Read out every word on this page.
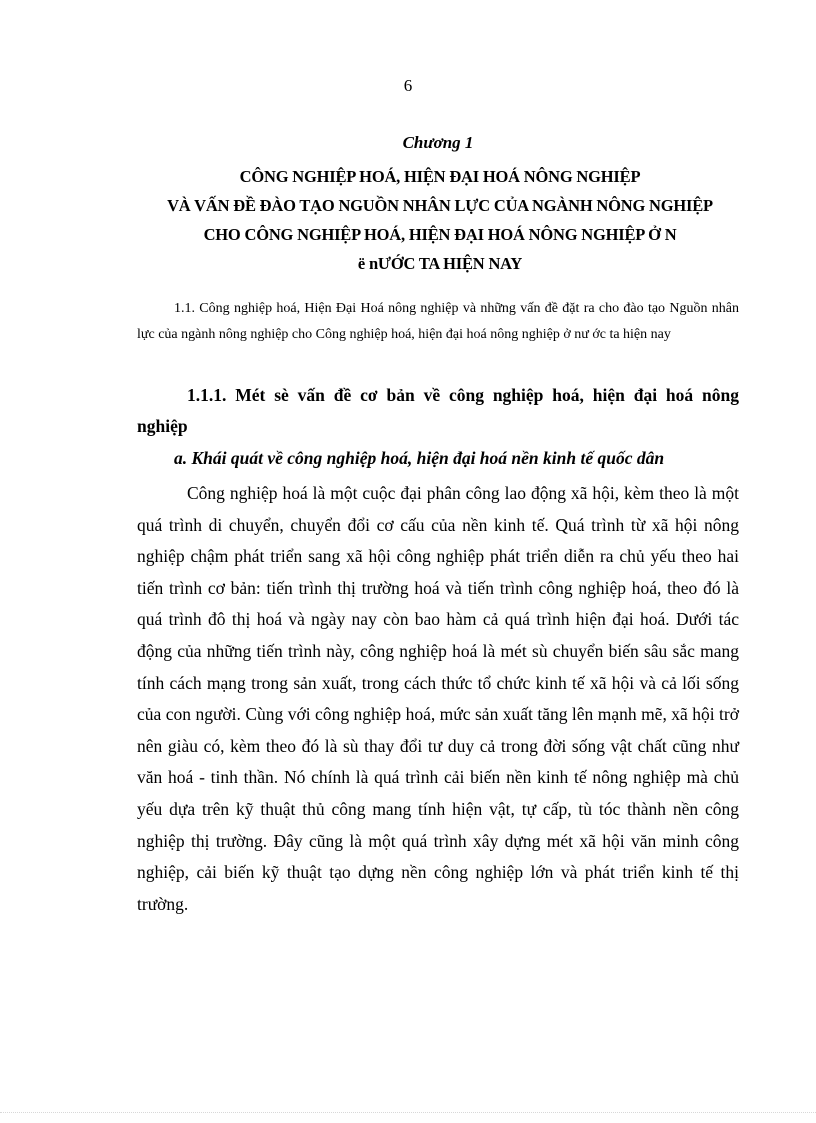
6
Chương 1
CÔNG NGHIỆP HOÁ, HIỆN ĐẠI HOÁ NÔNG NGHIỆP
VÀ VẤN ĐỀ ĐÀO TẠO NGUỒN NHÂN LỰC CỦA NGÀNH NÔNG NGHIỆP
CHO CÔNG NGHIỆP HOÁ, HIỆN ĐẠI HOÁ NÔNG NGHIỆP Ở N
ë nƯỚC TA HIỆN NAY
1.1. Công nghiệp hoá, Hiện Đại Hoá nông nghiệp và những vấn đề đặt ra cho đào tạo Nguồn nhân lực của ngành nông nghiệp cho Công nghiệp hoá, hiện đại hoá nông nghiệp ở nư ớc ta hiện nay
1.1.1. Mét sè vấn đề cơ bản về công nghiệp hoá, hiện đại hoá nông nghiệp
a. Khái quát về công nghiệp hoá, hiện đại hoá nền kinh tế quốc dân
Công nghiệp hoá là một cuộc đại phân công lao động xã hội, kèm theo là một quá trình di chuyển, chuyển đổi cơ cấu của nền kinh tế. Quá trình từ xã hội nông nghiệp chậm phát triển sang xã hội công nghiệp phát triển diễn ra chủ yếu theo hai tiến trình cơ bản: tiến trình thị trường hoá và tiến trình công nghiệp hoá, theo đó là quá trình đô thị hoá và ngày nay còn bao hàm cả quá trình hiện đại hoá. Dưới tác động của những tiến trình này, công nghiệp hoá là mét sù chuyển biến sâu sắc mang tính cách mạng trong sản xuất, trong cách thức tổ chức kinh tế xã hội và cả lối sống của con người. Cùng với công nghiệp hoá, mức sản xuất tăng lên mạnh mẽ, xã hội trở nên giàu có, kèm theo đó là sù thay đổi tư duy cả trong đời sống vật chất cũng như văn hoá - tinh thần. Nó chính là quá trình cải biến nền kinh tế nông nghiệp mà chủ yếu dựa trên kỹ thuật thủ công mang tính hiện vật, tự cấp, tù tóc thành nền công nghiệp thị trường. Đây cũng là một quá trình xây dựng mét xã hội văn minh công nghiệp, cải biến kỹ thuật tạo dựng nền công nghiệp lớn và phát triển kinh tế thị trường.
